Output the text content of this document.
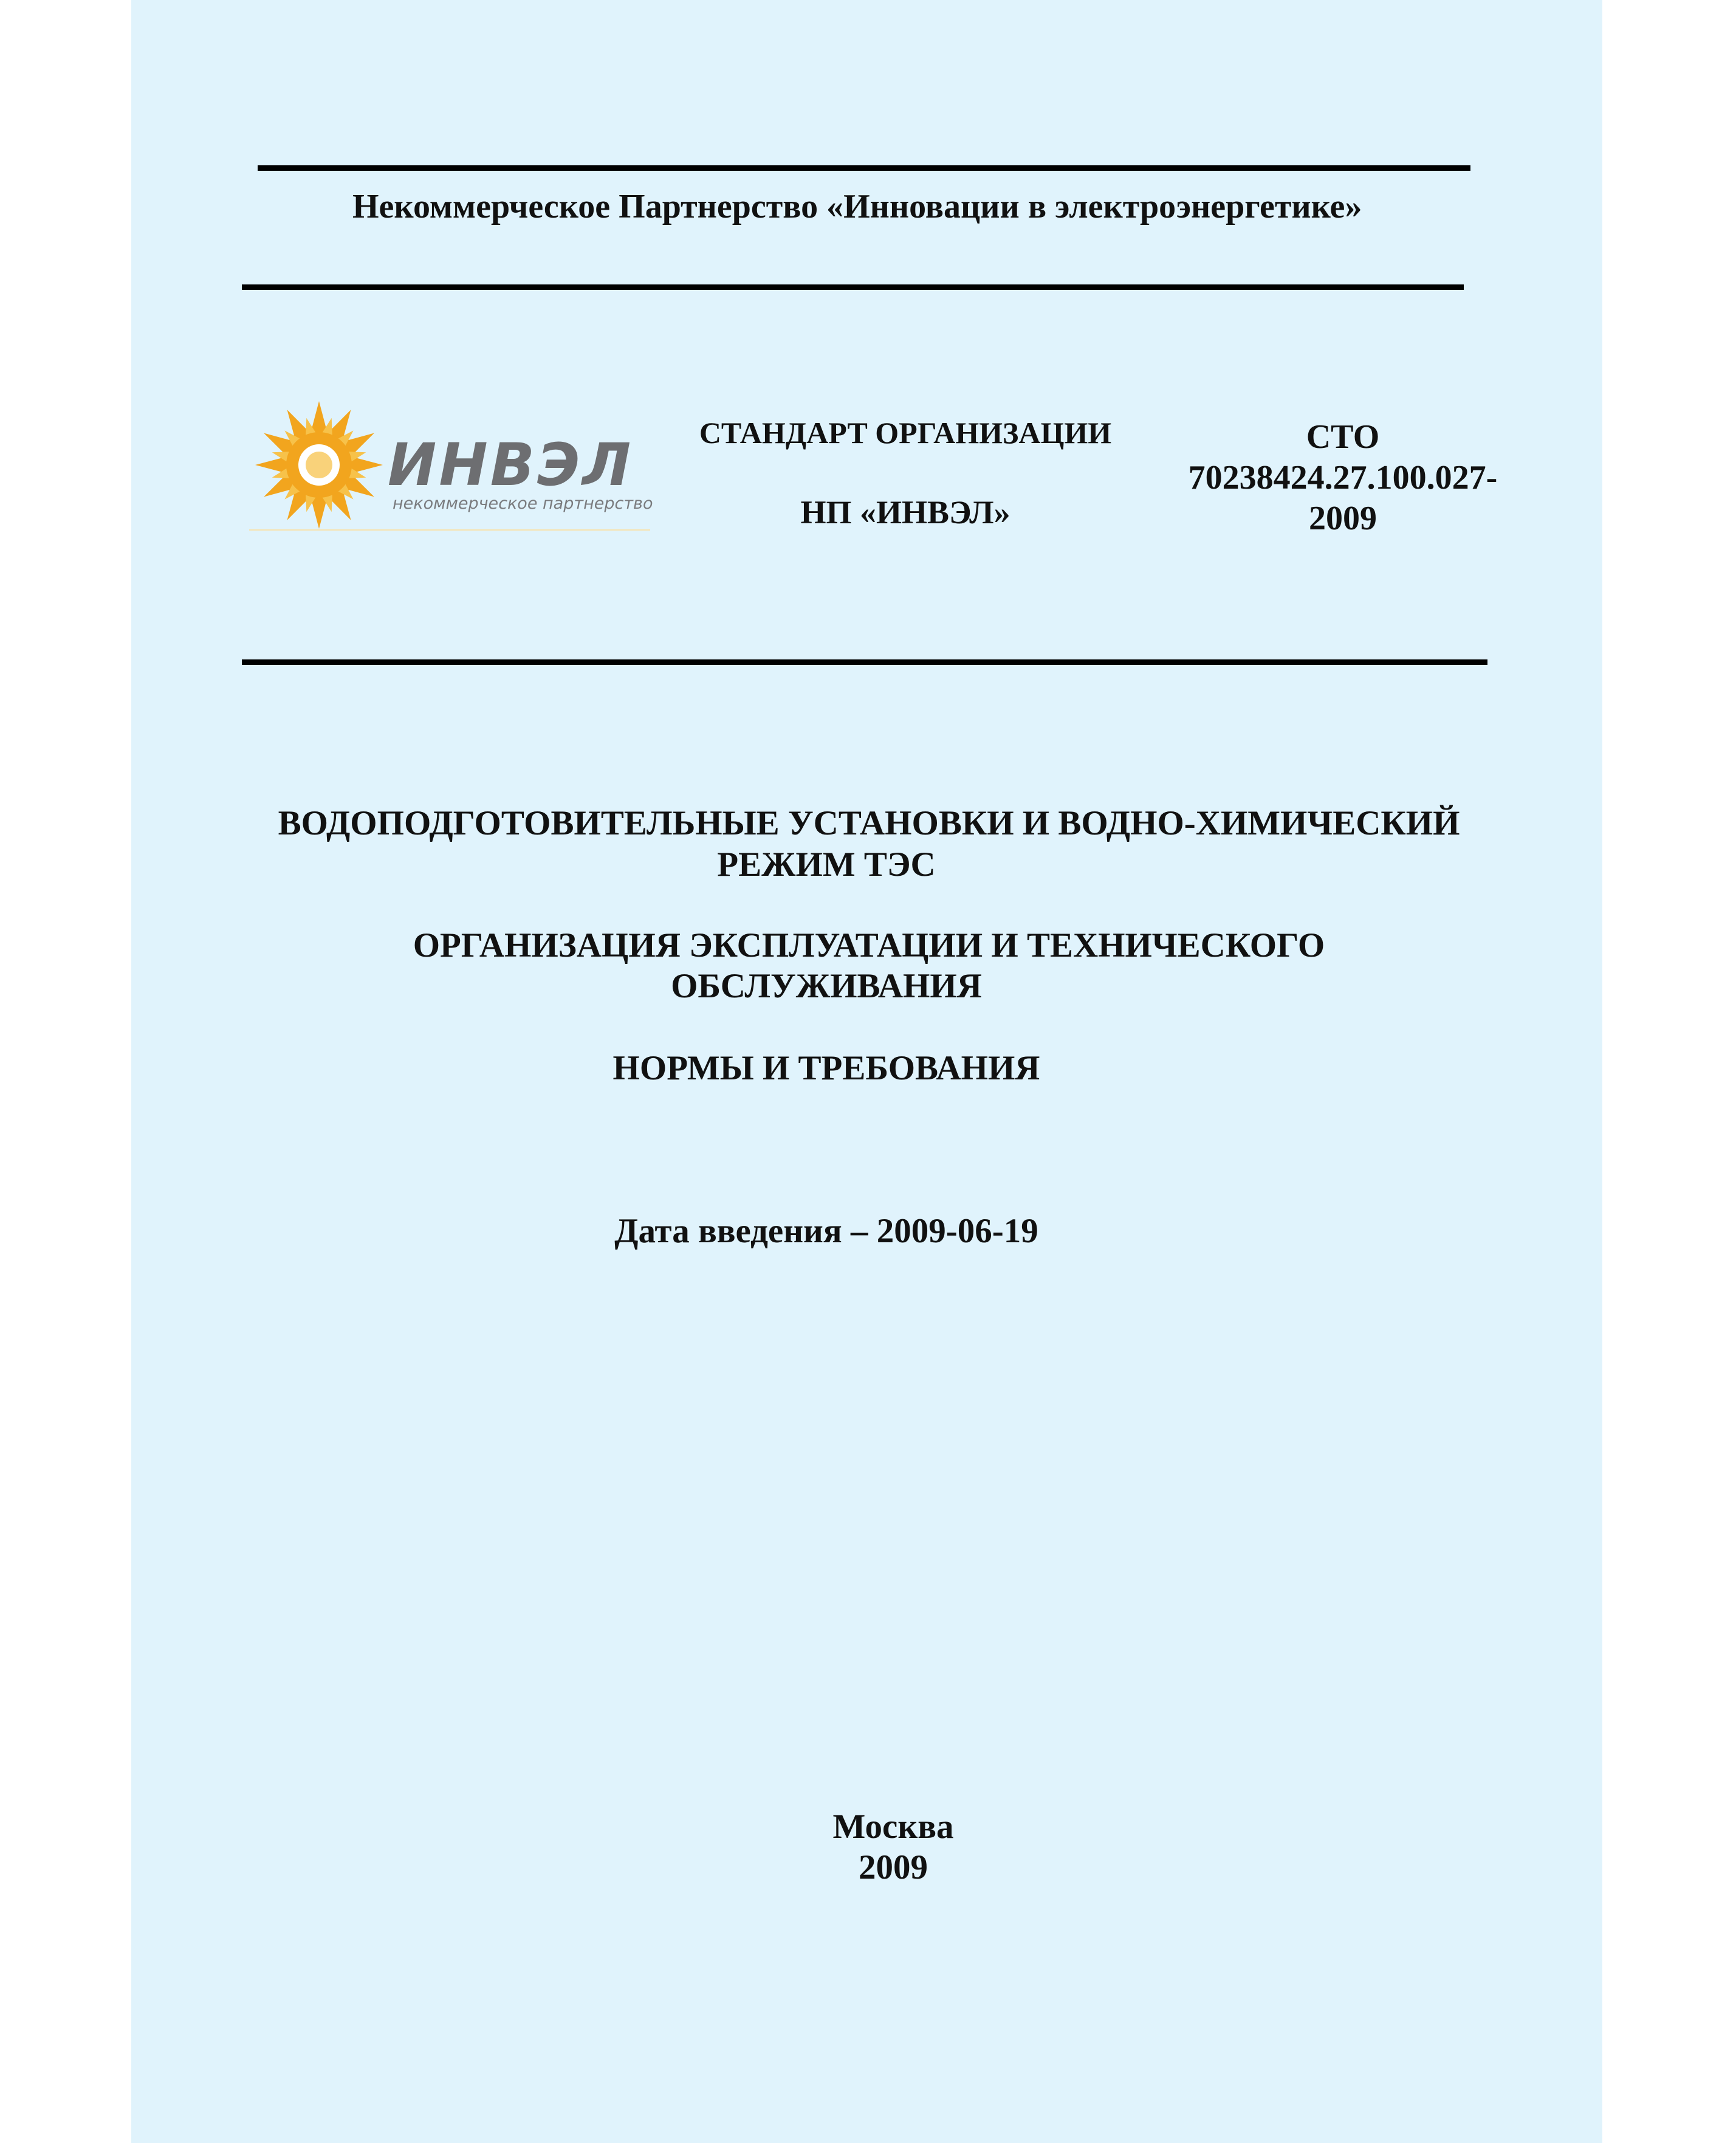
Некоммерческое Партнерство «Инновации в электроэнергетике»
ИНВЭЛ
некоммерческое партнерство
СТАНДАРТ ОРГАНИЗАЦИИ
НП «ИНВЭЛ»
СТО
70238424.27.100.027-
2009
ВОДОПОДГОТОВИТЕЛЬНЫЕ УСТАНОВКИ И ВОДНО-ХИМИЧЕСКИЙ
РЕЖИМ ТЭС
ОРГАНИЗАЦИЯ ЭКСПЛУАТАЦИИ И ТЕХНИЧЕСКОГО
ОБСЛУЖИВАНИЯ
НОРМЫ И ТРЕБОВАНИЯ
Дата введения – 2009-06-19
Москва
2009
